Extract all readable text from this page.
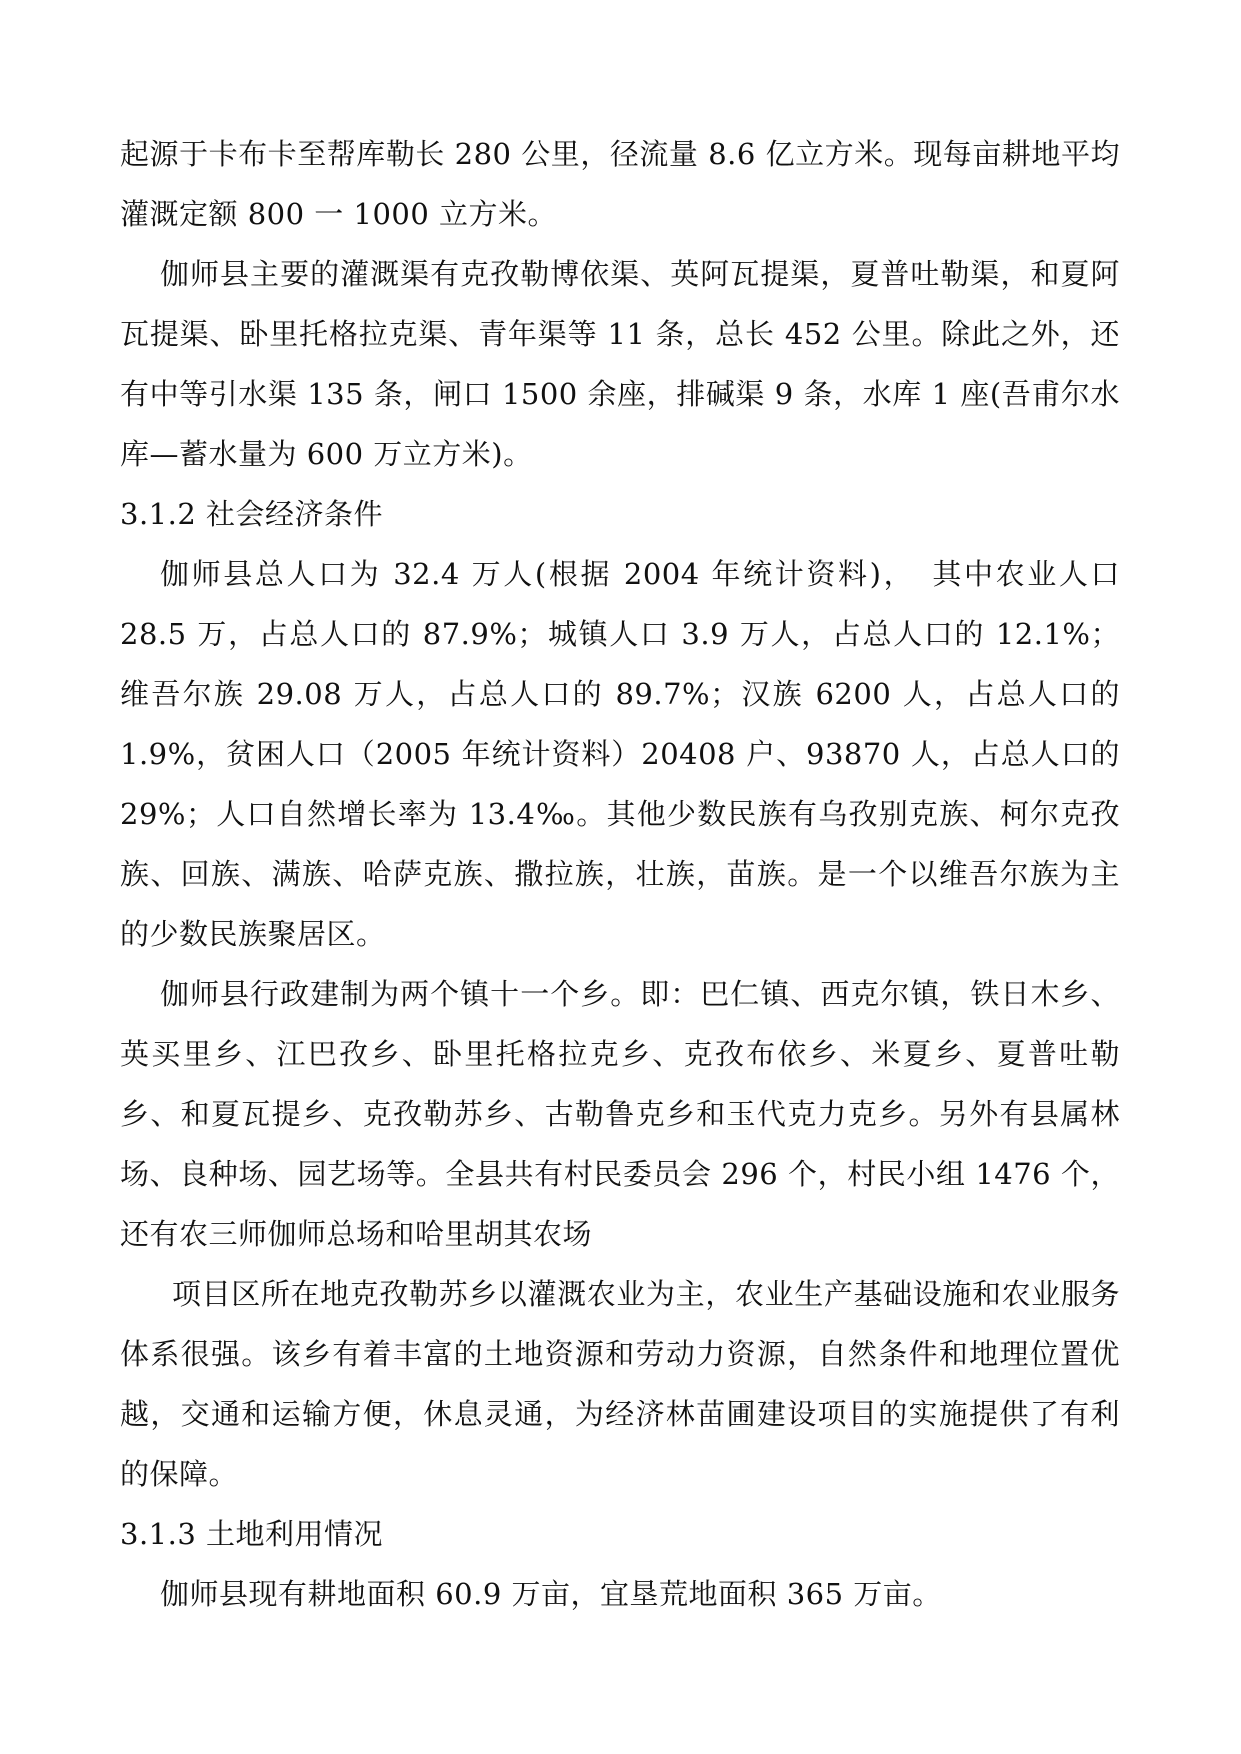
起源于卡布卡至帮库勒长 280 公里，径流量 8.6 亿立方米。现每亩耕地平均灌溉定额 800 一 1000 立方米。

伽师县主要的灌溉渠有克孜勒博依渠、英阿瓦提渠，夏普吐勒渠，和夏阿瓦提渠、卧里托格拉克渠、青年渠等 11 条，总长 452 公里。除此之外，还有中等引水渠 135 条，闸口 1500 余座，排碱渠 9 条，水库 1 座(吾甫尔水库—蓄水量为 600 万立方米)。

3.1.2 社会经济条件

伽师县总人口为 32.4 万人(根据 2004 年统计资料)，　其中农业人口 28.5 万，占总人口的 87.9%；城镇人口 3.9 万人，占总人口的 12.1%；维吾尔族 29.08 万人，占总人口的 89.7%；汉族 6200 人，占总人口的 1.9%，贫困人口（2005 年统计资料）20408 户、93870 人，占总人口的 29%；人口自然增长率为 13.4‰。其他少数民族有乌孜别克族、柯尔克孜族、回族、满族、哈萨克族、撒拉族，壮族，苗族。是一个以维吾尔族为主的少数民族聚居区。

伽师县行政建制为两个镇十一个乡。即：巴仁镇、西克尔镇，铁日木乡、英买里乡、江巴孜乡、卧里托格拉克乡、克孜布依乡、米夏乡、夏普吐勒乡、和夏瓦提乡、克孜勒苏乡、古勒鲁克乡和玉代克力克乡。另外有县属林场、良种场、园艺场等。全县共有村民委员会 296 个，村民小组 1476 个，还有农三师伽师总场和哈里胡其农场

项目区所在地克孜勒苏乡以灌溉农业为主，农业生产基础设施和农业服务体系很强。该乡有着丰富的土地资源和劳动力资源，自然条件和地理位置优越，交通和运输方便，休息灵通，为经济林苗圃建设项目的实施提供了有利的保障。

3.1.3 土地利用情况

伽师县现有耕地面积 60.9 万亩，宜垦荒地面积 365 万亩。
